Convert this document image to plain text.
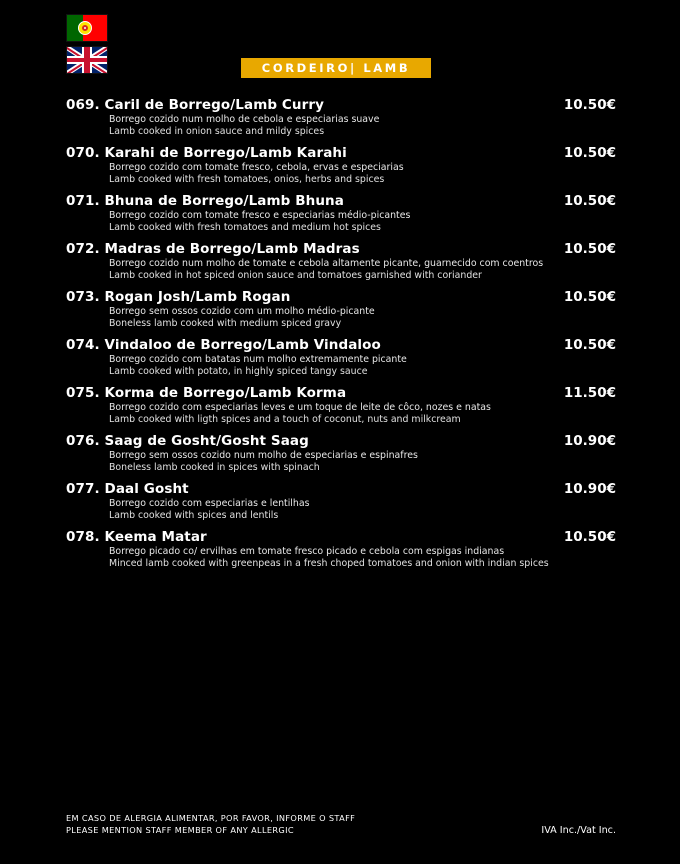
CORDEIRO| LAMB
069. Caril de Borrego/Lamb Curry	10.50€
Borrego cozido num molho de cebola e especiarias suave
Lamb cooked in onion sauce and mildy spices
070. Karahi de Borrego/Lamb Karahi	10.50€
Borrego cozido com tomate fresco, cebola, ervas e especiarias
Lamb cooked with fresh tomatoes, onios, herbs and spices
071. Bhuna de Borrego/Lamb Bhuna	10.50€
Borrego cozido com tomate fresco e especiarias médio-picantes
Lamb cooked with fresh tomatoes and medium hot spices
072. Madras de Borrego/Lamb Madras	10.50€
Borrego cozido num molho de tomate e cebola altamente picante, guarnecido com coentros
Lamb cooked in hot spiced onion sauce and tomatoes garnished with coriander
073. Rogan Josh/Lamb Rogan	10.50€
Borrego sem ossos cozido com um molho médio-picante
Boneless lamb cooked with medium spiced gravy
074. Vindaloo de Borrego/Lamb Vindaloo	10.50€
Borrego cozido com batatas num molho extremamente picante
Lamb cooked with potato, in highly spiced tangy sauce
075. Korma de Borrego/Lamb Korma	11.50€
Borrego cozido com especiarias leves e um toque de leite de côco, nozes e natas
Lamb cooked with ligth spices and a touch of coconut, nuts and milkcream
076. Saag de Gosht/Gosht Saag	10.90€
Borrego sem ossos cozido num molho de especiarias e espinafres
Boneless lamb cooked in spices with spinach
077. Daal Gosht	10.90€
Borrego cozido com especiarias e lentilhas
Lamb cooked with spices and lentils
078. Keema Matar	10.50€
Borrego picado co/ ervilhas em tomate fresco picado e cebola com espigas indianas
Minced lamb cooked with greenpeas in a fresh choped tomatoes and onion with indian spices
EM CASO DE ALERGIA ALIMENTAR, POR FAVOR, INFORME O STAFF
PLEASE MENTION STAFF MEMBER OF ANY ALLERGIC	IVA Inc./Vat Inc.
